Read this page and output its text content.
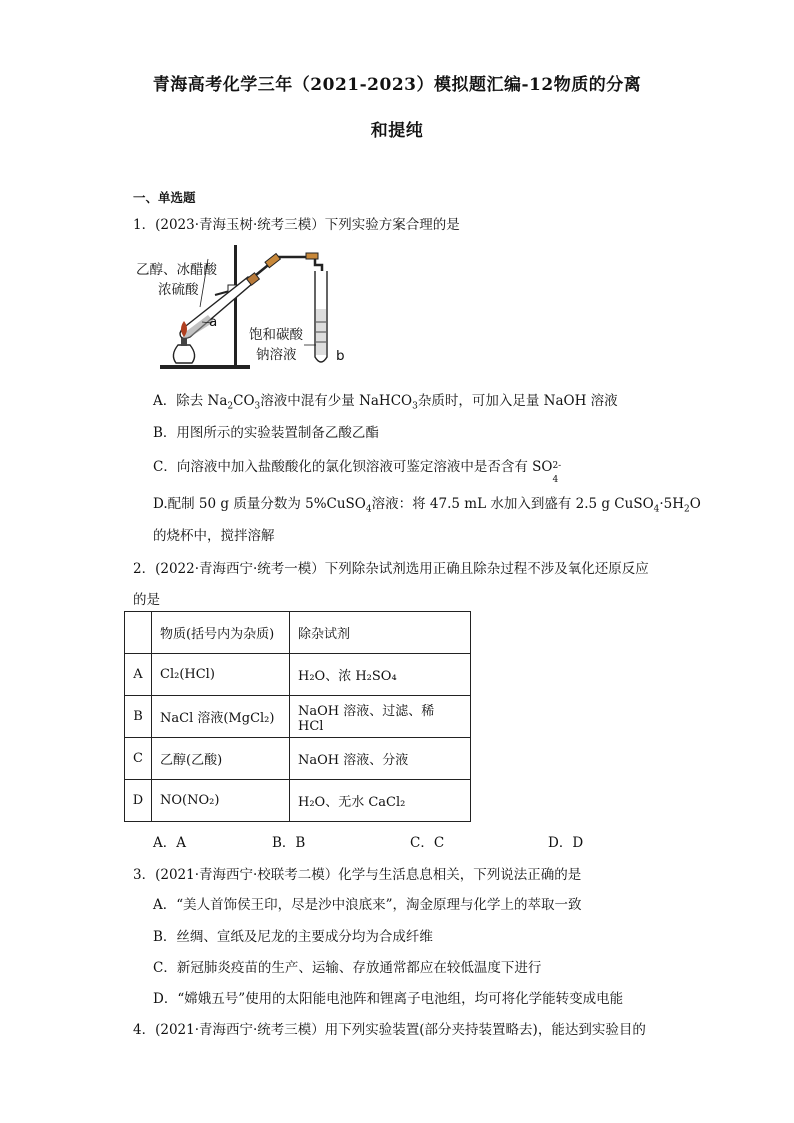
青海高考化学三年（2021-2023）模拟题汇编-12物质的分离
和提纯
一、单选题
1．(2023·青海玉树·统考三模）下列实验方案合理的是
乙醇、冰醋酸
浓硫酸
a
饱和碳酸
钠溶液	b
A．除去 $Na_2CO_3$溶液中混有少量 NaHCO$_3$杂质时，可加入足量 NaOH 溶液
B．用图所示的实验装置制备乙酸乙酯
C．向溶液中加入盐酸酸化的氯化钡溶液可鉴定溶液中是否含有 SO 2-
4
D.配制 50 g 质量分数为 5%CuSO$_4$溶液：将 47.5 mL 水加入到盛有 2.5 g $CuSO_4\cdot 5H_2O$
的烧杯中，搅拌溶解
2．(2022·青海西宁·统考一模）下列除杂试剂选用正确且除杂过程不涉及氧化还原反应
的是
	物质(括号内为杂质)	除杂试剂
A	Cl₂(HCl)	H₂O、浓 H₂SO₄
B	NaCl 溶液(MgCl₂)	NaOH 溶液、过滤、稀 HCl
C	乙醇(乙酸)	NaOH 溶液、分液
D	NO(NO₂)	H₂O、无水 CaCl₂
A．A	B．B	C．C	D．D
3．(2021·青海西宁·校联考二模）化学与生活息息相关，下列说法正确的是
A．“美人首饰侯王印，尽是沙中浪底来”，淘金原理与化学上的萃取一致
B．丝绸、宣纸及尼龙的主要成分均为合成纤维
C．新冠肺炎疫苗的生产、运输、存放通常都应在较低温度下进行
D．“嫦娥五号”使用的太阳能电池阵和锂离子电池组，均可将化学能转变成电能
4．(2021·青海西宁·统考三模）用下列实验装置(部分夹持装置略去)，能达到实验目的
